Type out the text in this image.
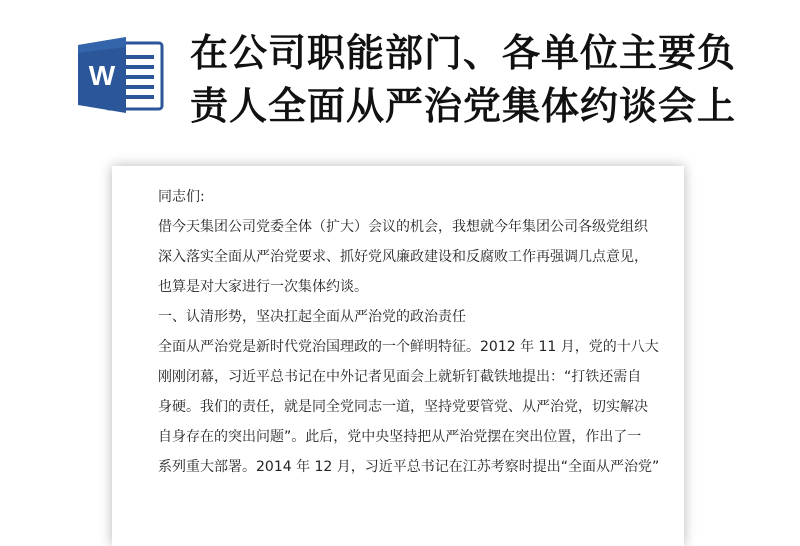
W
在公司职能部门、各单位主要负
责人全面从严治党集体约谈会上
同志们:
借今天集团公司党委全体（扩大）会议的机会，我想就今年集团公司各级党组织
深入落实全面从严治党要求、抓好党风廉政建设和反腐败工作再强调几点意见，
也算是对大家进行一次集体约谈。
一、认清形势，坚决扛起全面从严治党的政治责任
全面从严治党是新时代党治国理政的一个鲜明特征。2012 年 11 月，党的十八大
刚刚闭幕，习近平总书记在中外记者见面会上就斩钉截铁地提出：“打铁还需自
身硬。我们的责任，就是同全党同志一道，坚持党要管党、从严治党，切实解决
自身存在的突出问题”。此后，党中央坚持把从严治党摆在突出位置，作出了一
系列重大部署。2014 年 12 月，习近平总书记在江苏考察时提出“全面从严治党”
